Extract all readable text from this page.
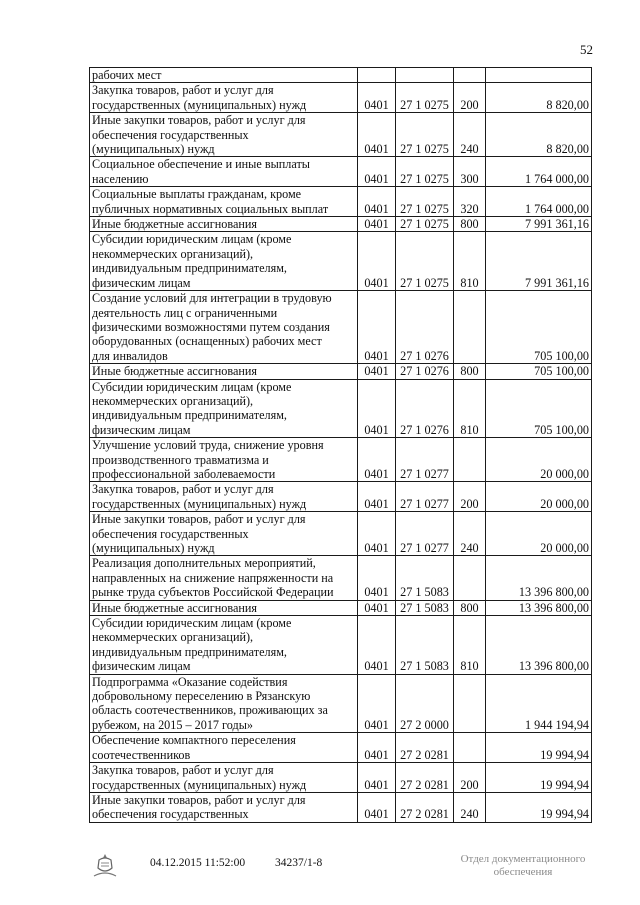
52
рабочих мест				
Закупка товаров, работ и услуг для
государственных (муниципальных) нужд	0401	27 1 0275	200	8 820,00
Иные закупки товаров, работ и услуг для
обеспечения государственных
(муниципальных) нужд	0401	27 1 0275	240	8 820,00
Социальное обеспечение и иные выплаты
населению	0401	27 1 0275	300	1 764 000,00
Социальные выплаты гражданам, кроме
публичных нормативных социальных выплат	0401	27 1 0275	320	1 764 000,00
Иные бюджетные ассигнования	0401	27 1 0275	800	7 991 361,16
Субсидии юридическим лицам (кроме
некоммерческих организаций),
индивидуальным предпринимателям,
физическим лицам	0401	27 1 0275	810	7 991 361,16
Создание условий для интеграции в трудовую
деятельность лиц с ограниченными
физическими возможностями путем создания
оборудованных (оснащенных) рабочих мест
для инвалидов	0401	27 1 0276		705 100,00
Иные бюджетные ассигнования	0401	27 1 0276	800	705 100,00
Субсидии юридическим лицам (кроме
некоммерческих организаций),
индивидуальным предпринимателям,
физическим лицам	0401	27 1 0276	810	705 100,00
Улучшение условий труда, снижение уровня
производственного травматизма и
профессиональной заболеваемости	0401	27 1 0277		20 000,00
Закупка товаров, работ и услуг для
государственных (муниципальных) нужд	0401	27 1 0277	200	20 000,00
Иные закупки товаров, работ и услуг для
обеспечения государственных
(муниципальных) нужд	0401	27 1 0277	240	20 000,00
Реализация дополнительных мероприятий,
направленных на снижение напряженности на
рынке труда субъектов Российской Федерации	0401	27 1 5083		13 396 800,00
Иные бюджетные ассигнования	0401	27 1 5083	800	13 396 800,00
Субсидии юридическим лицам (кроме
некоммерческих организаций),
индивидуальным предпринимателям,
физическим лицам	0401	27 1 5083	810	13 396 800,00
Подпрограмма «Оказание содействия
добровольному переселению в Рязанскую
область соотечественников, проживающих за
рубежом, на 2015 – 2017 годы»	0401	27 2 0000		1 944 194,94
Обеспечение компактного переселения
соотечественников	0401	27 2 0281		19 994,94
Закупка товаров, работ и услуг для
государственных (муниципальных) нужд	0401	27 2 0281	200	19 994,94
Иные закупки товаров, работ и услуг для
обеспечения государственных	0401	27 2 0281	240	19 994,94
04.12.2015 11:52:00	34237/1-8	Отдел документационного
обеспечения
